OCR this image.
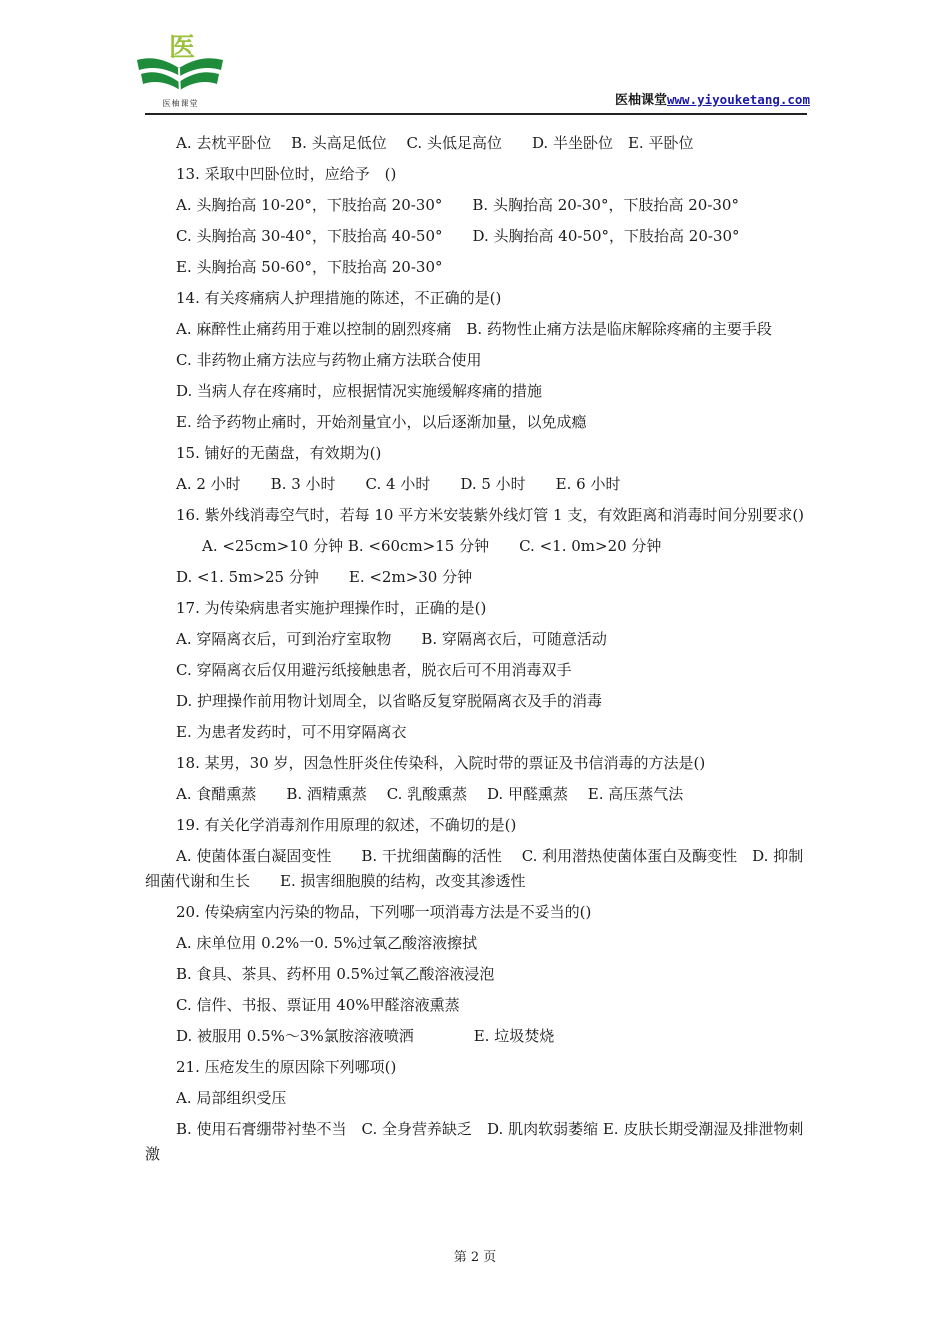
医
医柚课堂	医柚课堂www.yiyouketang.com
A. 去枕平卧位　 B. 头高足低位　 C. 头低足高位　　D. 半坐卧位　E. 平卧位
13. 采取中凹卧位时，应给予　()
A. 头胸抬高 10-20°，下肢抬高 20-30°　　B. 头胸抬高 20-30°，下肢抬高 20-30°
C. 头胸抬高 30-40°，下肢抬高 40-50°　　D. 头胸抬高 40-50°，下肢抬高 20-30°
E. 头胸抬高 50-60°，下肢抬高 20-30°
14. 有关疼痛病人护理措施的陈述，不正确的是()
A. 麻醉性止痛药用于难以控制的剧烈疼痛　B. 药物性止痛方法是临床解除疼痛的主要手段
C. 非药物止痛方法应与药物止痛方法联合使用
D. 当病人存在疼痛时，应根据情况实施缓解疼痛的措施
E. 给予药物止痛时，开始剂量宜小，以后逐渐加量，以免成瘾
15. 铺好的无菌盘，有效期为()
A. 2 小时　　B. 3 小时　　C. 4 小时　　D. 5 小时　　E. 6 小时
16. 紫外线消毒空气时，若每 10 平方米安装紫外线灯管 1 支，有效距离和消毒时间分别要求()
A. <25cm>10 分钟 B. <60cm>15 分钟　　C. <1. 0m>20 分钟
D. <1. 5m>25 分钟　　E. <2m>30 分钟
17. 为传染病患者实施护理操作时，正确的是()
A. 穿隔离衣后，可到治疗室取物　　B. 穿隔离衣后，可随意活动
C. 穿隔离衣后仅用避污纸接触患者，脱衣后可不用消毒双手
D. 护理操作前用物计划周全，以省略反复穿脱隔离衣及手的消毒
E. 为患者发药时，可不用穿隔离衣
18. 某男，30 岁，因急性肝炎住传染科，入院时带的票证及书信消毒的方法是()
A. 食醋熏蒸　　B. 酒精熏蒸　 C. 乳酸熏蒸　 D. 甲醛熏蒸　 E. 高压蒸气法
19. 有关化学消毒剂作用原理的叙述，不确切的是()
A. 使菌体蛋白凝固变性　　B. 干扰细菌酶的活性　 C. 利用潜热使菌体蛋白及酶变性　D. 抑制细菌代谢和生长　　E. 损害细胞膜的结构，改变其渗透性
20. 传染病室内污染的物品，下列哪一项消毒方法是不妥当的()
A. 床单位用 0.2%一0. 5%过氧乙酸溶液擦拭
B. 食具、茶具、药杯用 0.5%过氧乙酸溶液浸泡
C. 信件、书报、票证用 40%甲醛溶液熏蒸
D. 被服用 0.5%～3%氯胺溶液喷洒　　　　E. 垃圾焚烧
21. 压疮发生的原因除下列哪项()
A. 局部组织受压
B. 使用石膏绷带衬垫不当　C. 全身营养缺乏　D. 肌肉软弱萎缩 E. 皮肤长期受潮湿及排泄物刺激
第 2 页
